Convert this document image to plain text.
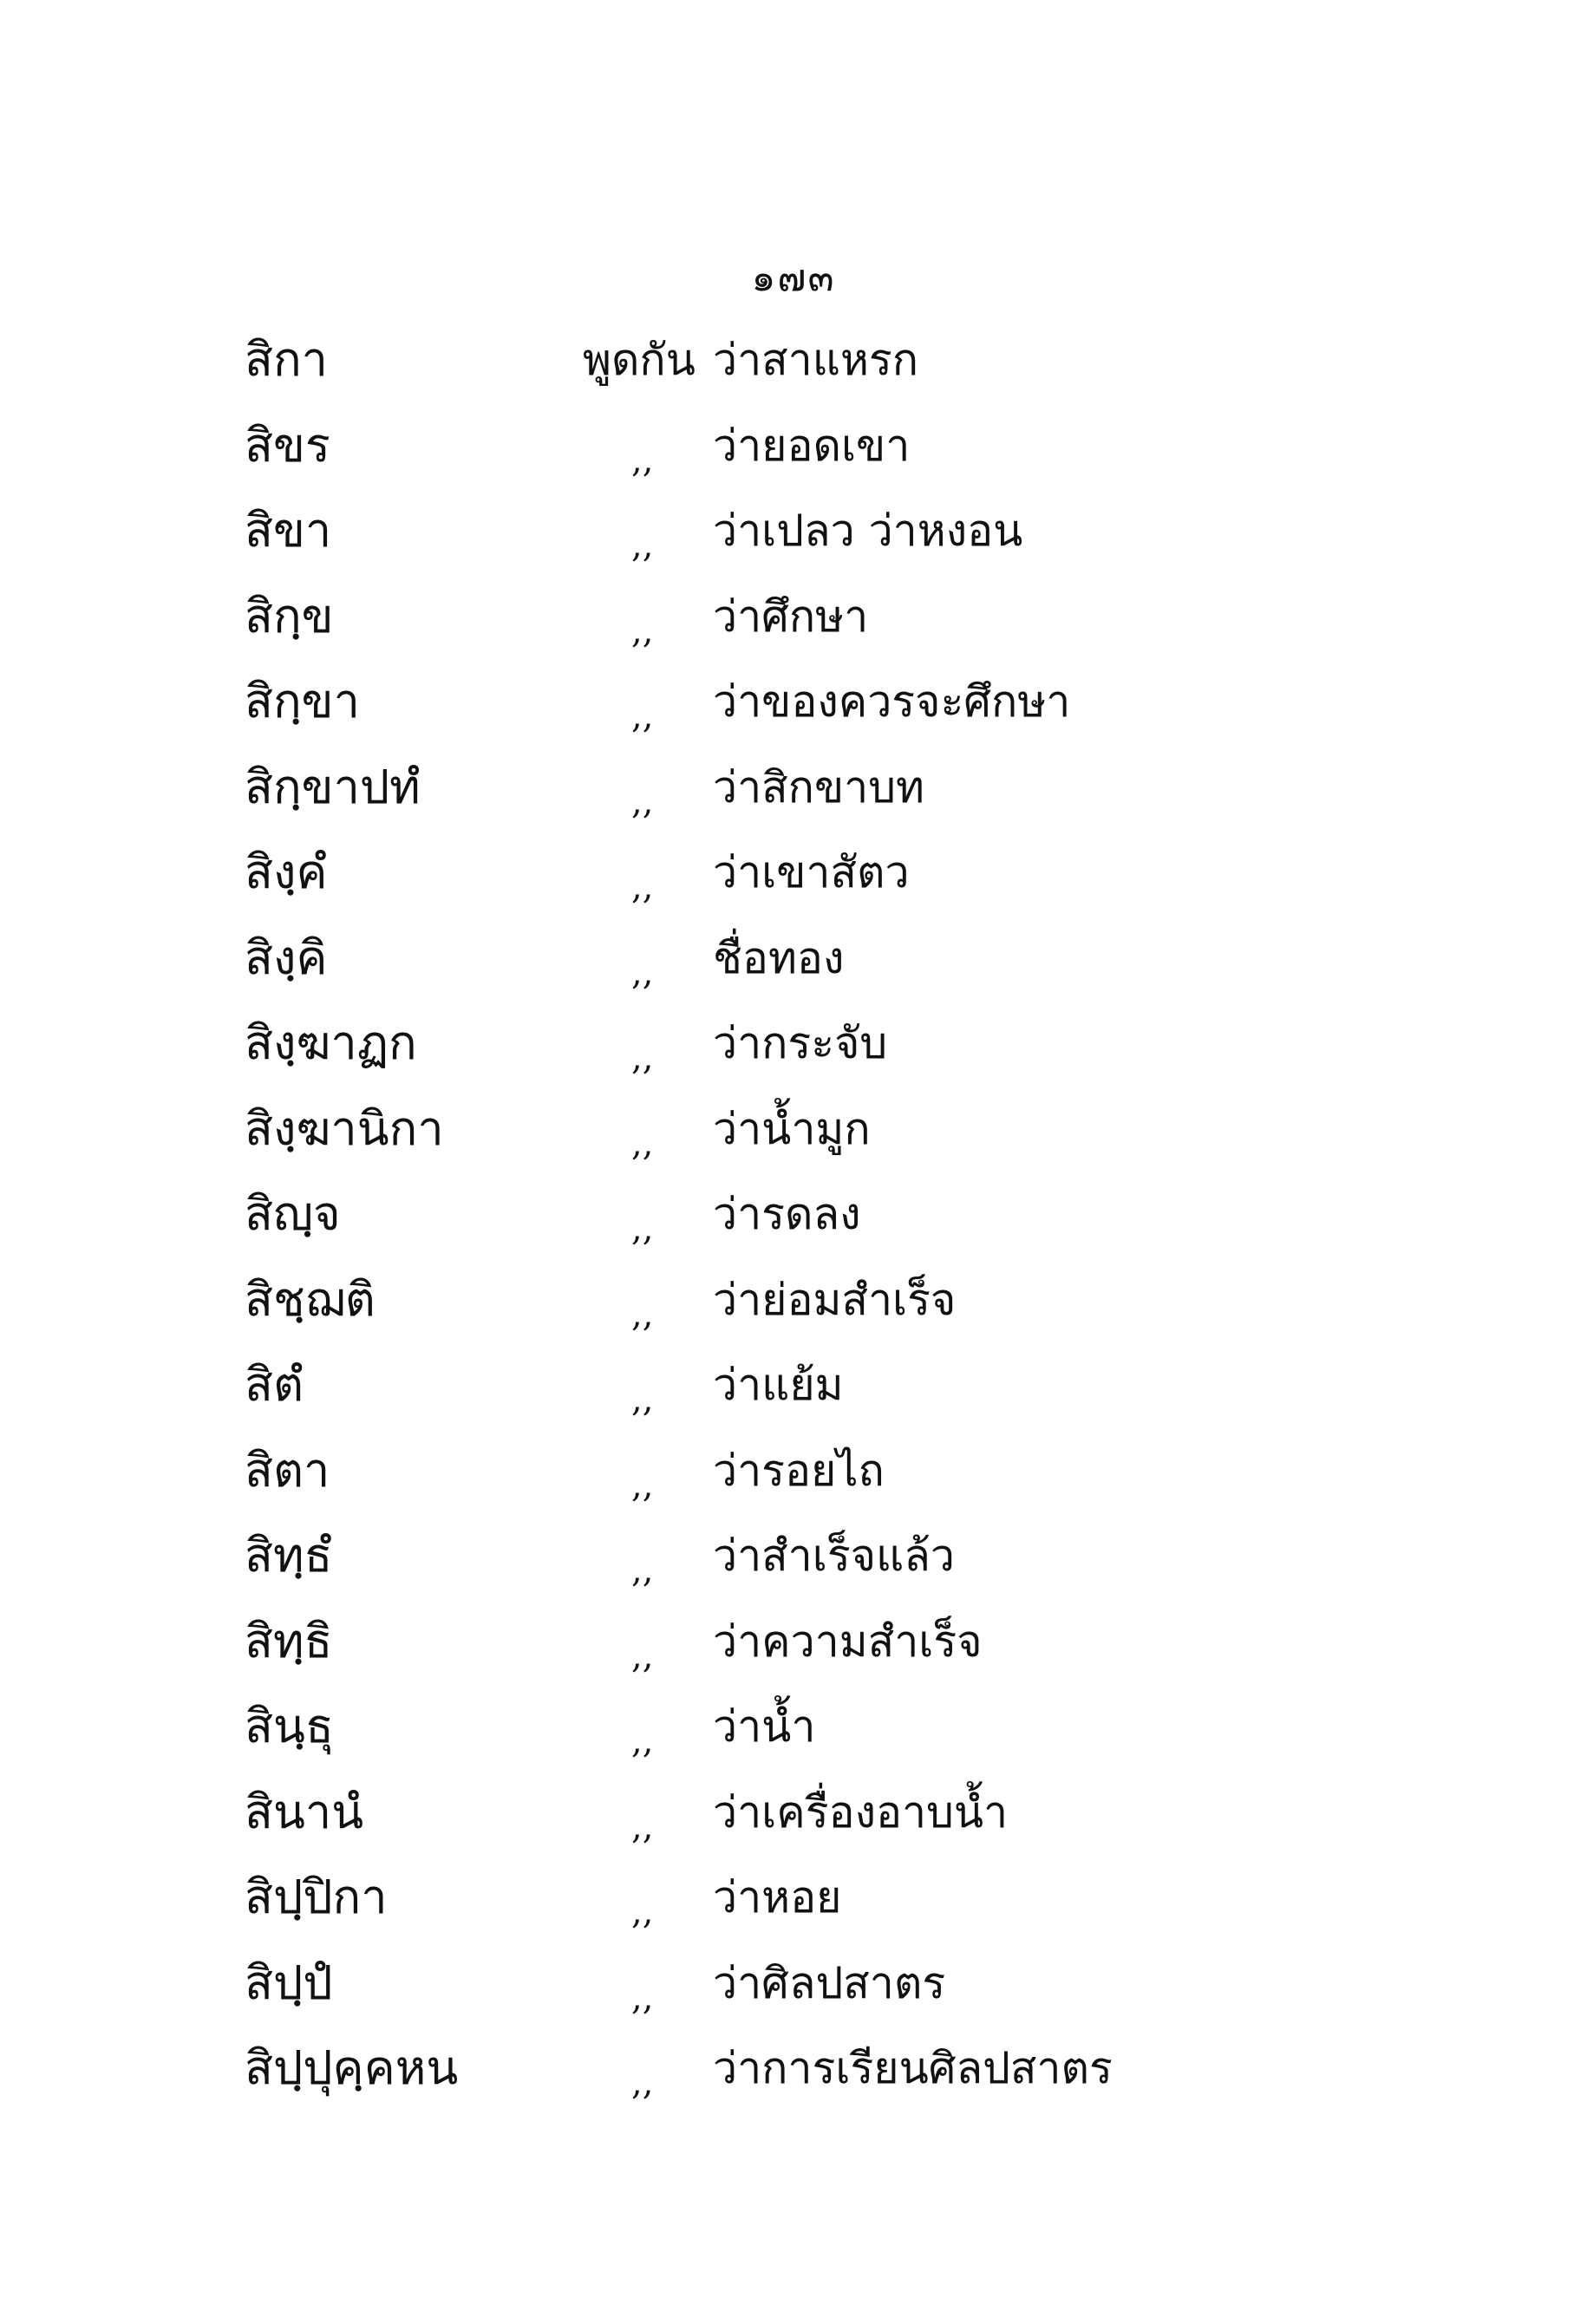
๑๗๓
สิกา	พูดกัน ว่าสาแหรก
สิขร	,, ว่ายอดเขา
สิขา	,, ว่าเปลว ว่าหงอน
สิกฺข	,, ว่าศึกษา
สิกฺขา	,, ว่าของควรจะศึกษา
สิกฺขาปทํ	,, ว่าสิกขาบท
สิงฺคํ	,, ว่าเขาสัตว
สิงฺคิ	,, ชื่อทอง
สิงฺฆาฏก	,, ว่ากระจับ
สิงฺฆานิกา	,, ว่าน้ำมูก
สิญฺจ	,, ว่ารดลง
สิชฺฌติ	,, ว่าย่อมสำเร็จ
สิตํ	,, ว่าแย้ม
สิตา	,, ว่ารอยไถ
สิทฺธํ	,, ว่าสำเร็จแล้ว
สิทฺธิ	,, ว่าความสำเร็จ
สินฺธุ	,, ว่าน้ำ
สินานํ	,, ว่าเครื่องอาบน้ำ
สิปฺปิกา	,, ว่าหอย
สิปฺปํ	,, ว่าศิลปสาตร
สิปฺปุคฺคหน	,, ว่าการเรียนศิลปสาตร
